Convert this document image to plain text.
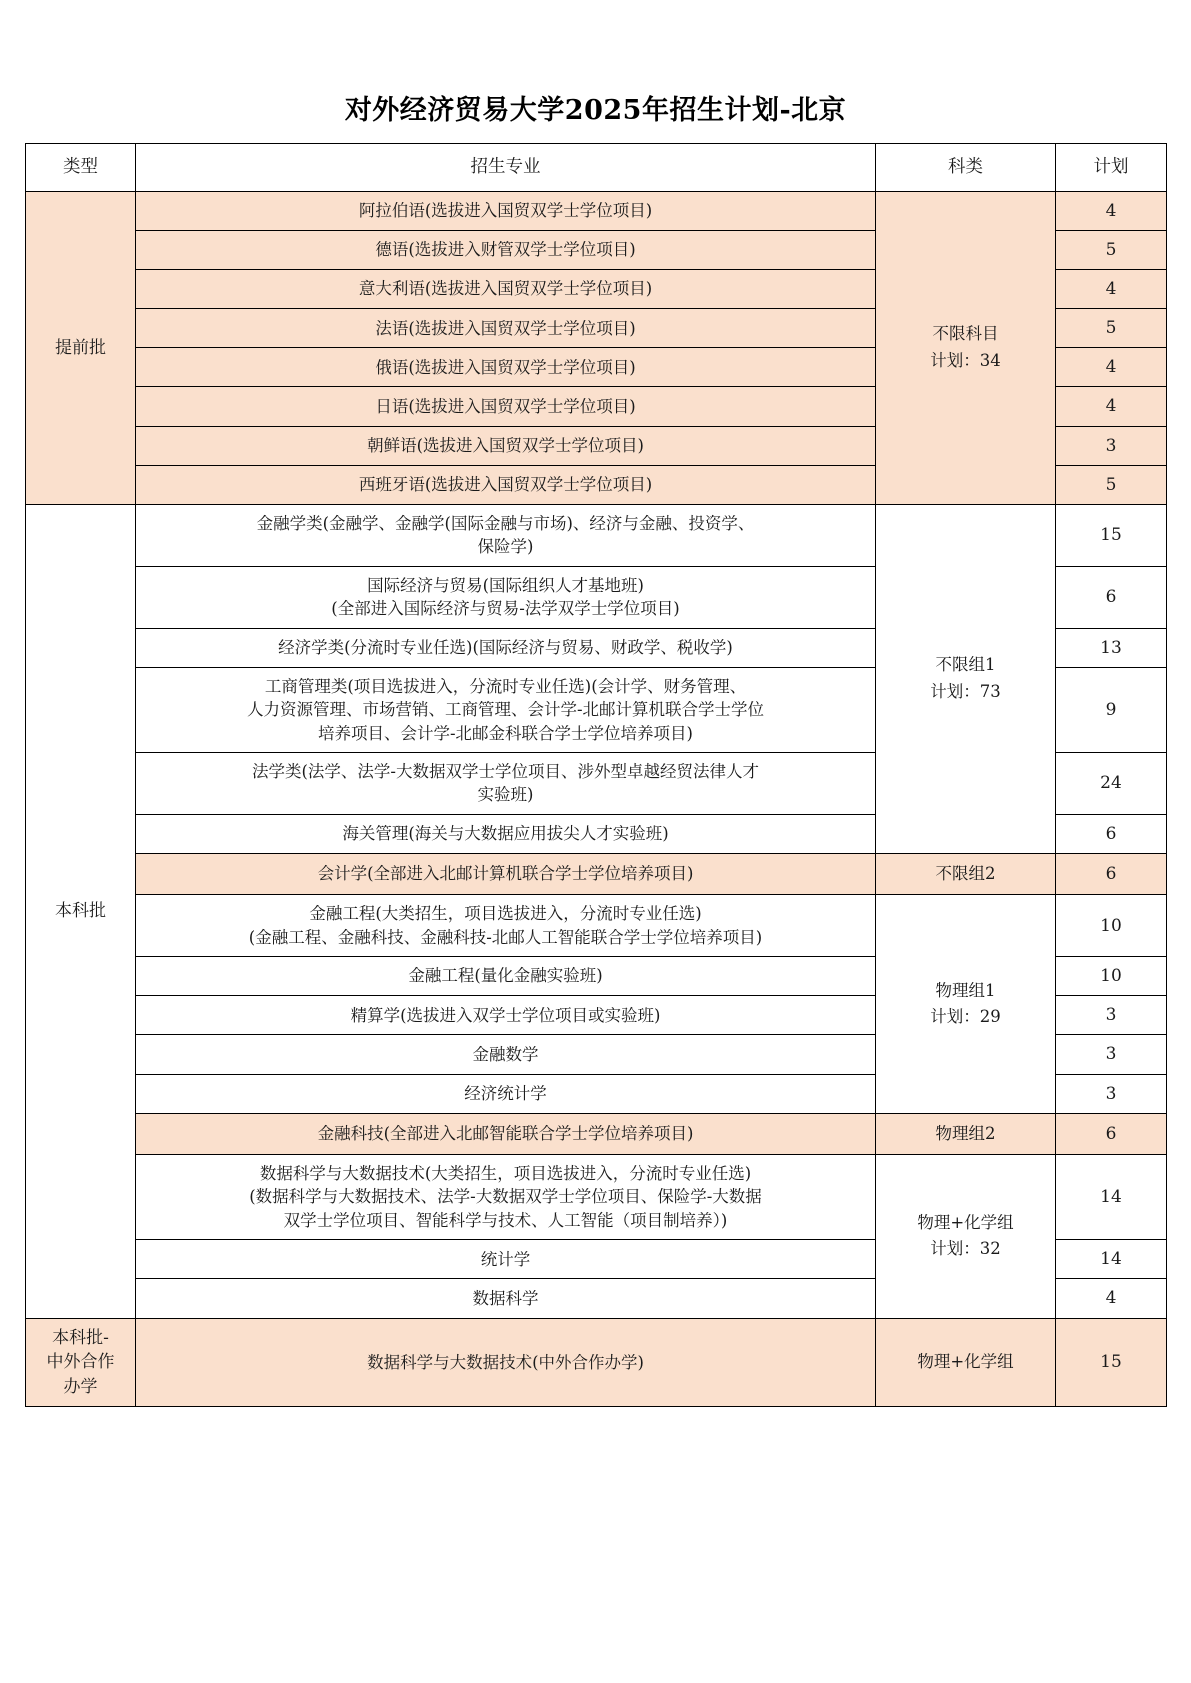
对外经济贸易大学2025年招生计划-北京
类型	招生专业	科类	计划

提前批	阿拉伯语(选拔进入国贸双学士学位项目)	不限科目
计划：34	4

	德语(选拔进入财管双学士学位项目)		5

	意大利语(选拔进入国贸双学士学位项目)		4

	法语(选拔进入国贸双学士学位项目)		5

	俄语(选拔进入国贸双学士学位项目)		4

	日语(选拔进入国贸双学士学位项目)		4

	朝鲜语(选拔进入国贸双学士学位项目)		3

	西班牙语(选拔进入国贸双学士学位项目)		5

本科批	金融学类(金融学、金融学(国际金融与市场)、经济与金融、投资学、
保险学)	不限组1
计划：73	15

	国际经济与贸易(国际组织人才基地班)
(全部进入国际经济与贸易-法学双学士学位项目)		6

	经济学类(分流时专业任选)(国际经济与贸易、财政学、税收学)		13

	工商管理类(项目选拔进入，分流时专业任选)(会计学、财务管理、
人力资源管理、市场营销、工商管理、会计学-北邮计算机联合学士学位
培养项目、会计学-北邮金科联合学士学位培养项目)		9

	法学类(法学、法学-大数据双学士学位项目、涉外型卓越经贸法律人才
实验班)		24

	海关管理(海关与大数据应用拔尖人才实验班)		6

	会计学(全部进入北邮计算机联合学士学位培养项目)	不限组2	6

	金融工程(大类招生，项目选拔进入，分流时专业任选)
(金融工程、金融科技、金融科技-北邮人工智能联合学士学位培养项目)	物理组1
计划：29	10

	金融工程(量化金融实验班)		10

	精算学(选拔进入双学士学位项目或实验班)		3

	金融数学		3

	经济统计学		3

	金融科技(全部进入北邮智能联合学士学位培养项目)	物理组2	6

	数据科学与大数据技术(大类招生，项目选拔进入，分流时专业任选)
(数据科学与大数据技术、法学-大数据双学士学位项目、保险学-大数据
双学士学位项目、智能科学与技术、人工智能（项目制培养）)	物理+化学组
计划：32	14

	统计学		14

	数据科学		4

本科批-
中外合作
办学	数据科学与大数据技术(中外合作办学)	物理+化学组	15
